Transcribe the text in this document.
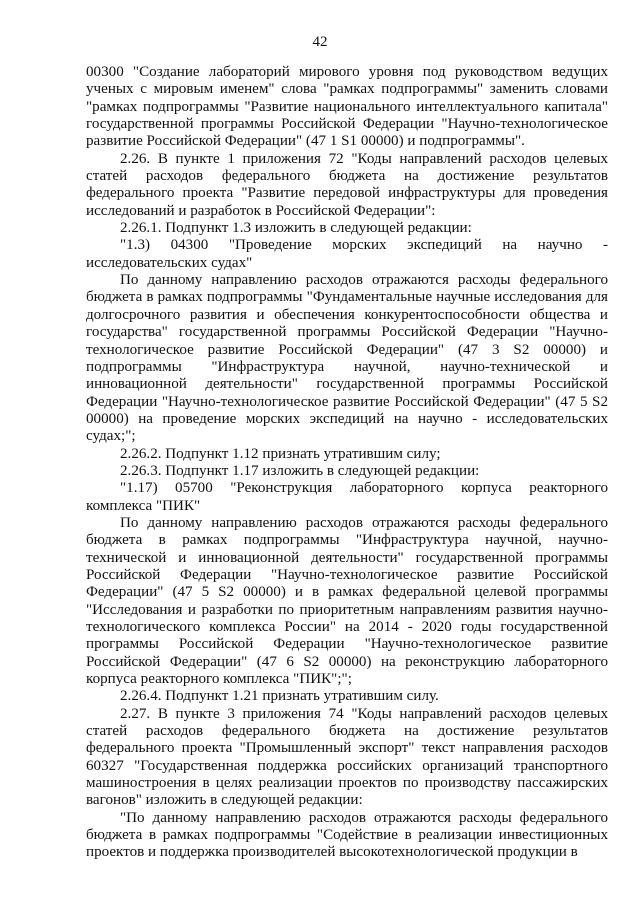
42

00300 "Создание лабораторий мирового уровня под руководством ведущих ученых с мировым именем" слова "рамках подпрограммы" заменить словами "рамках подпрограммы "Развитие национального интеллектуального капитала" государственной программы Российской Федерации "Научно-технологическое развитие Российской Федерации" (47 1 S1 00000) и подпрограммы".

2.26. В пункте 1 приложения 72 "Коды направлений расходов целевых статей расходов федерального бюджета на достижение результатов федерального проекта "Развитие передовой инфраструктуры для проведения исследований и разработок в Российской Федерации":

2.26.1. Подпункт 1.3 изложить в следующей редакции:

"1.3) 04300 "Проведение морских экспедиций на научно - исследовательских судах"

По данному направлению расходов отражаются расходы федерального бюджета в рамках подпрограммы "Фундаментальные научные исследования для долгосрочного развития и обеспечения конкурентоспособности общества и государства" государственной программы Российской Федерации "Научно-технологическое развитие Российской Федерации" (47 3 S2 00000) и подпрограммы "Инфраструктура научной, научно-технической и инновационной деятельности" государственной программы Российской Федерации "Научно-технологическое развитие Российской Федерации" (47 5 S2 00000) на проведение морских экспедиций на научно - исследовательских судах;";

2.26.2. Подпункт 1.12 признать утратившим силу;

2.26.3. Подпункт 1.17 изложить в следующей редакции:

"1.17) 05700 "Реконструкция лабораторного корпуса реакторного комплекса "ПИК"

По данному направлению расходов отражаются расходы федерального бюджета в рамках подпрограммы "Инфраструктура научной, научно-технической и инновационной деятельности" государственной программы Российской Федерации "Научно-технологическое развитие Российской Федерации" (47 5 S2 00000) и в рамках федеральной целевой программы "Исследования и разработки по приоритетным направлениям развития научно-технологического комплекса России" на 2014 - 2020 годы государственной программы Российской Федерации "Научно-технологическое развитие Российской Федерации" (47 6 S2 00000) на реконструкцию лабораторного корпуса реакторного комплекса "ПИК";";

2.26.4. Подпункт 1.21 признать утратившим силу.

2.27. В пункте 3 приложения 74 "Коды направлений расходов целевых статей расходов федерального бюджета на достижение результатов федерального проекта "Промышленный экспорт" текст направления расходов 60327 "Государственная поддержка российских организаций транспортного машиностроения в целях реализации проектов по производству пассажирских вагонов" изложить в следующей редакции:

"По данному направлению расходов отражаются расходы федерального бюджета в рамках подпрограммы "Содействие в реализации инвестиционных проектов и поддержка производителей высокотехнологической продукции в
